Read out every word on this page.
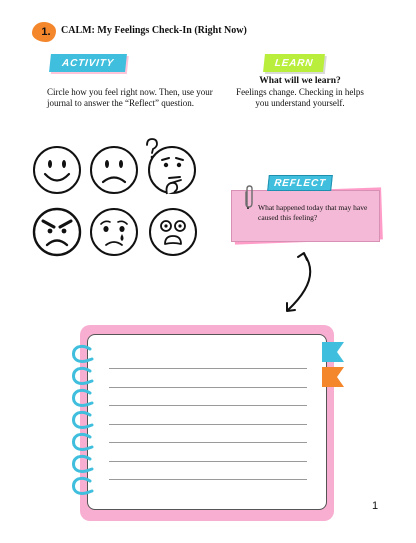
1. CALM: My Feelings Check-In (Right Now)
ACTIVITY
Circle how you feel right now. Then, use your journal to answer the “Reflect” question.
LEARN
What will we learn?
Feelings change. Checking in helps you understand yourself.
• What happened today that may have caused this feeling?
REFLECT
1
